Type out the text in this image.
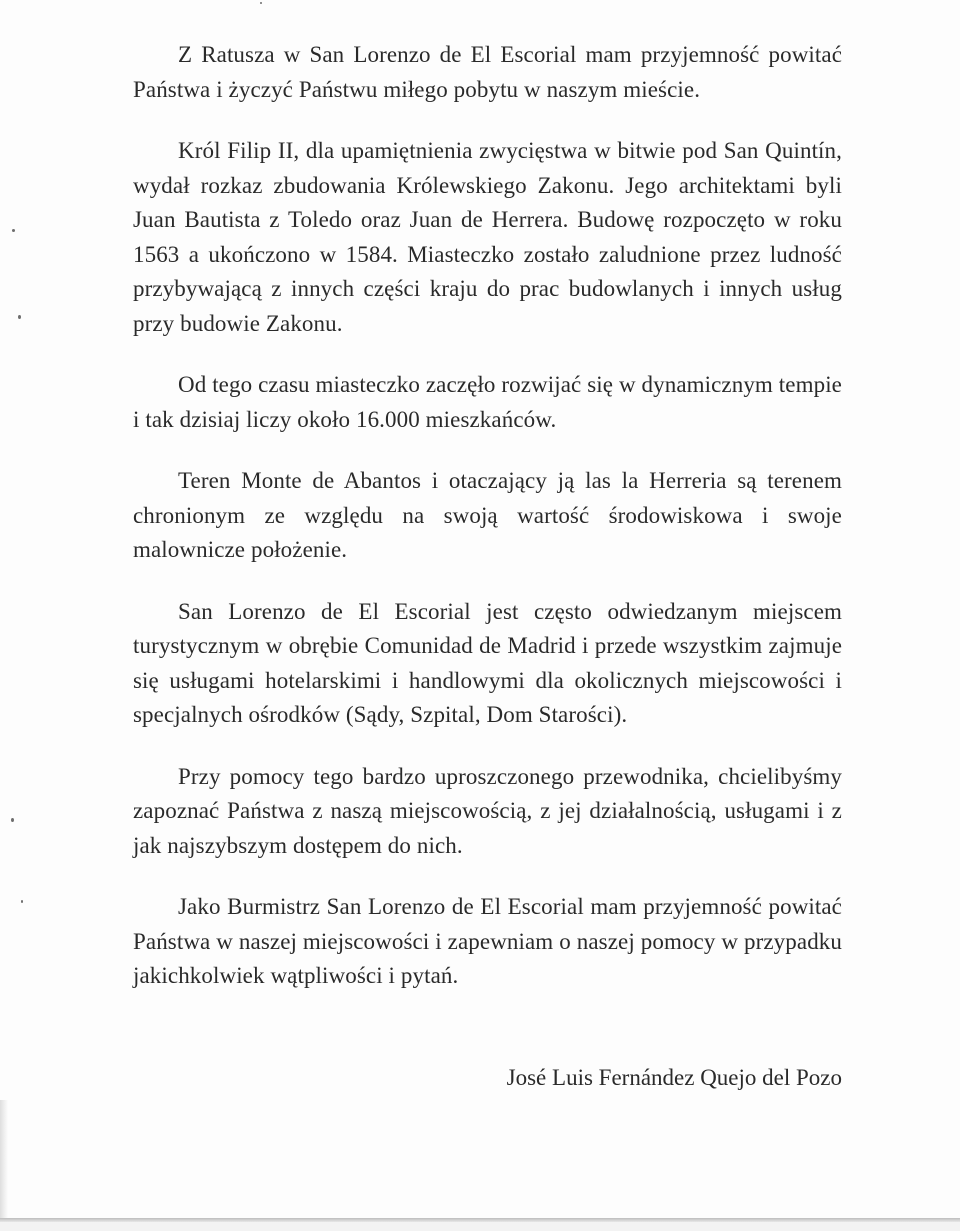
Z Ratusza w San Lorenzo de El Escorial mam przyjemność powitać Państwa i życzyć Państwu miłego pobytu w naszym mieście.

Król Filip II, dla upamiętnienia zwycięstwa w bitwie pod San Quintín, wydał rozkaz zbudowania Królewskiego Zakonu. Jego architektami byli Juan Bautista z Toledo oraz Juan de Herrera. Budowę rozpoczęto w roku 1563 a ukończono w 1584. Miasteczko zostało zaludnione przez ludność przybywającą z innych części kraju do prac budowlanych i innych usług przy budowie Zakonu.

Od tego czasu miasteczko zaczęło rozwijać się w dynamicznym tempie i tak dzisiaj liczy około 16.000 mieszkańców.

Teren Monte de Abantos i otaczający ją las la Herreria są terenem chronionym ze względu na swoją wartość środowiskowa i swoje malownicze położenie.

San Lorenzo de El Escorial jest często odwiedzanym miejscem turystycznym w obrębie Comunidad de Madrid i przede wszystkim zajmuje się usługami hotelarskimi i handlowymi dla okolicznych miejscowości i specjalnych ośrodków (Sądy, Szpital, Dom Starości).

Przy pomocy tego bardzo uproszczonego przewodnika, chcielibyśmy zapoznać Państwa z naszą miejscowością, z jej działalnością, usługami i z jak najszybszym dostępem do nich.

Jako Burmistrz San Lorenzo de El Escorial mam przyjemność powitać Państwa w naszej miejscowości i zapewniam o naszej pomocy w przypadku jakichkolwiek wątpliwości i pytań.

José Luis Fernández Quejo del Pozo
